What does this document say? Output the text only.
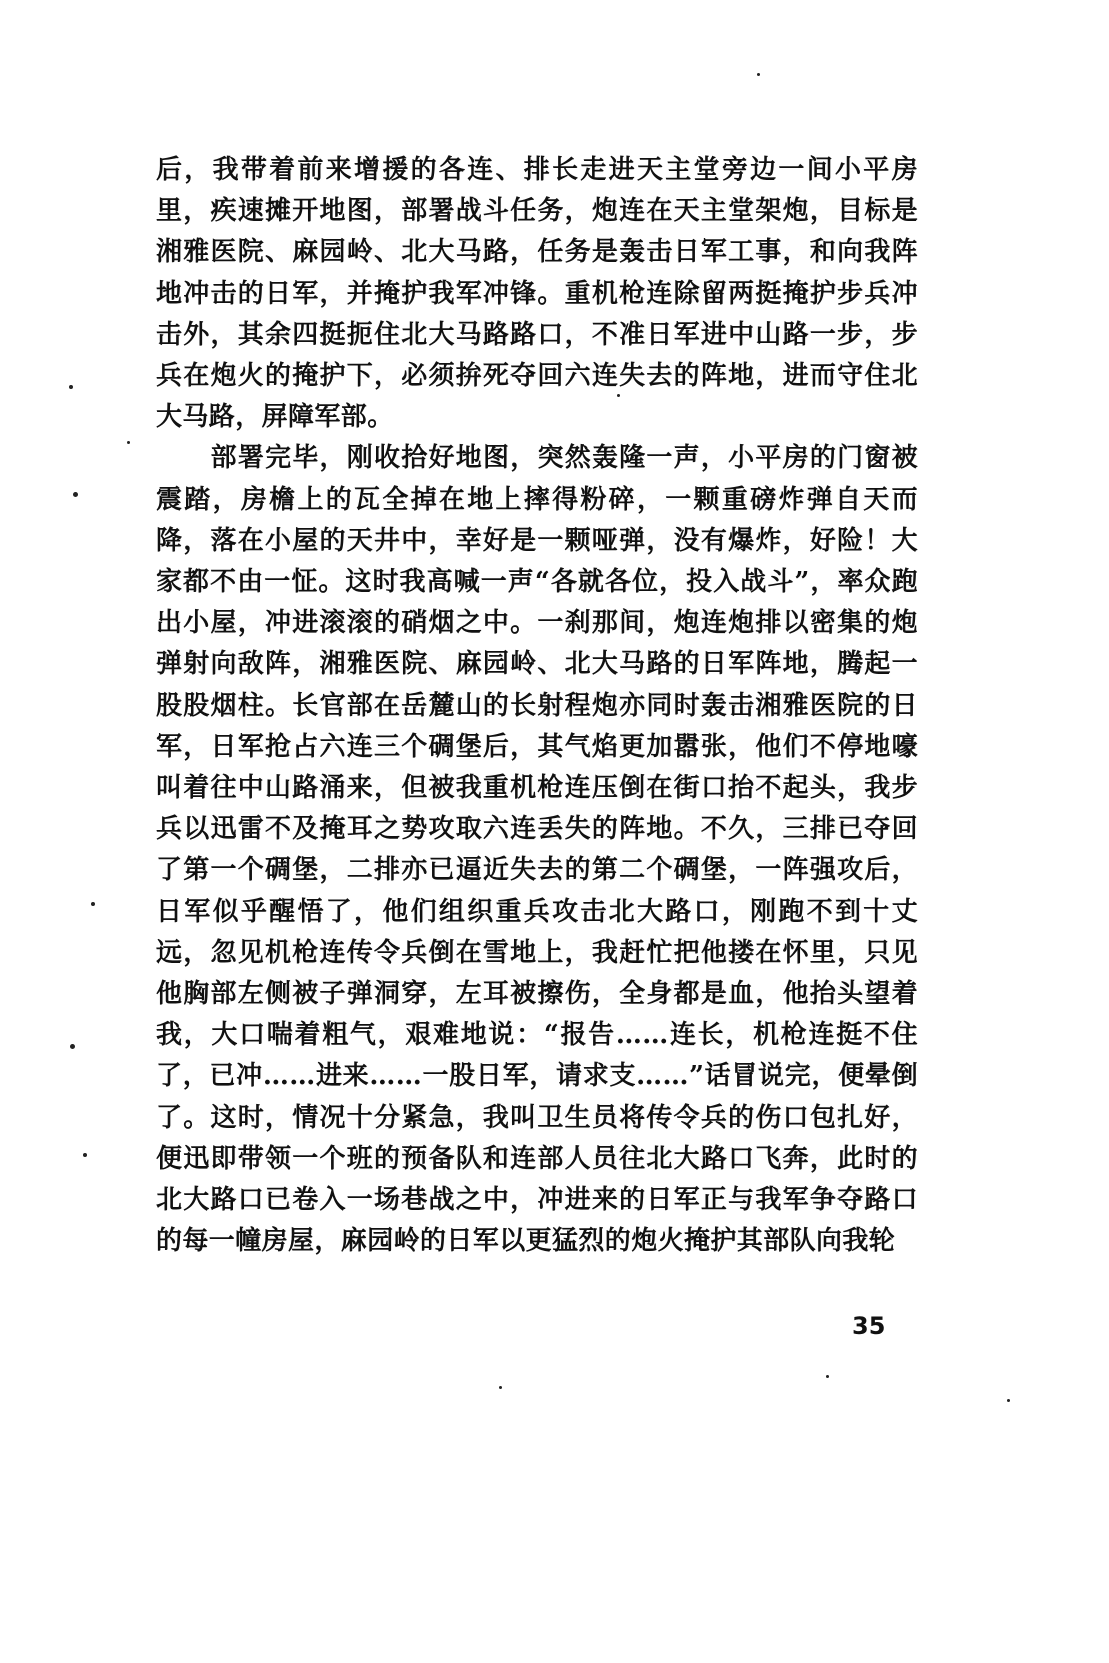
后，我带着前来增援的各连、排长走进天主堂旁边一间小平房里，疾速摊开地图，部署战斗任务，炮连在天主堂架炮，目标是湘雅医院、麻园岭、北大马路，任务是轰击日军工事，和向我阵地冲击的日军，并掩护我军冲锋。重机枪连除留两挺掩护步兵冲击外，其余四挺扼住北大马路路口，不准日军进中山路一步，步兵在炮火的掩护下，必须拚死夺回六连失去的阵地，进而守住北大马路，屏障军部。

部署完毕，刚收拾好地图，突然轰隆一声，小平房的门窗被震踏，房檐上的瓦全掉在地上摔得粉碎，一颗重磅炸弹自天而降，落在小屋的天井中，幸好是一颗哑弹，没有爆炸，好险！大家都不由一怔。这时我高喊一声“各就各位，投入战斗”，率众跑出小屋，冲进滚滚的硝烟之中。一刹那间，炮连炮排以密集的炮弹射向敌阵，湘雅医院、麻园岭、北大马路的日军阵地，腾起一股股烟柱。长官部在岳麓山的长射程炮亦同时轰击湘雅医院的日军，日军抢占六连三个碉堡后，其气焰更加嚣张，他们不停地嚎叫着往中山路涌来，但被我重机枪连压倒在街口抬不起头，我步兵以迅雷不及掩耳之势攻取六连丢失的阵地。不久，三排已夺回了第一个碉堡，二排亦已逼近失去的第二个碉堡，一阵强攻后，日军似乎醒悟了，他们组织重兵攻击北大路口，刚跑不到十丈远，忽见机枪连传令兵倒在雪地上，我赶忙把他搂在怀里，只见他胸部左侧被子弹洞穿，左耳被擦伤，全身都是血，他抬头望着我，大口喘着粗气，艰难地说：“报告……连长，机枪连挺不住了，已冲……进来……一股日军，请求支……”话冒说完，便晕倒了。这时，情况十分紧急，我叫卫生员将传令兵的伤口包扎好，便迅即带领一个班的预备队和连部人员往北大路口飞奔，此时的北大路口已卷入一场巷战之中，冲进来的日军正与我军争夺路口的每一幢房屋，麻园岭的日军以更猛烈的炮火掩护其部队向我轮

35
